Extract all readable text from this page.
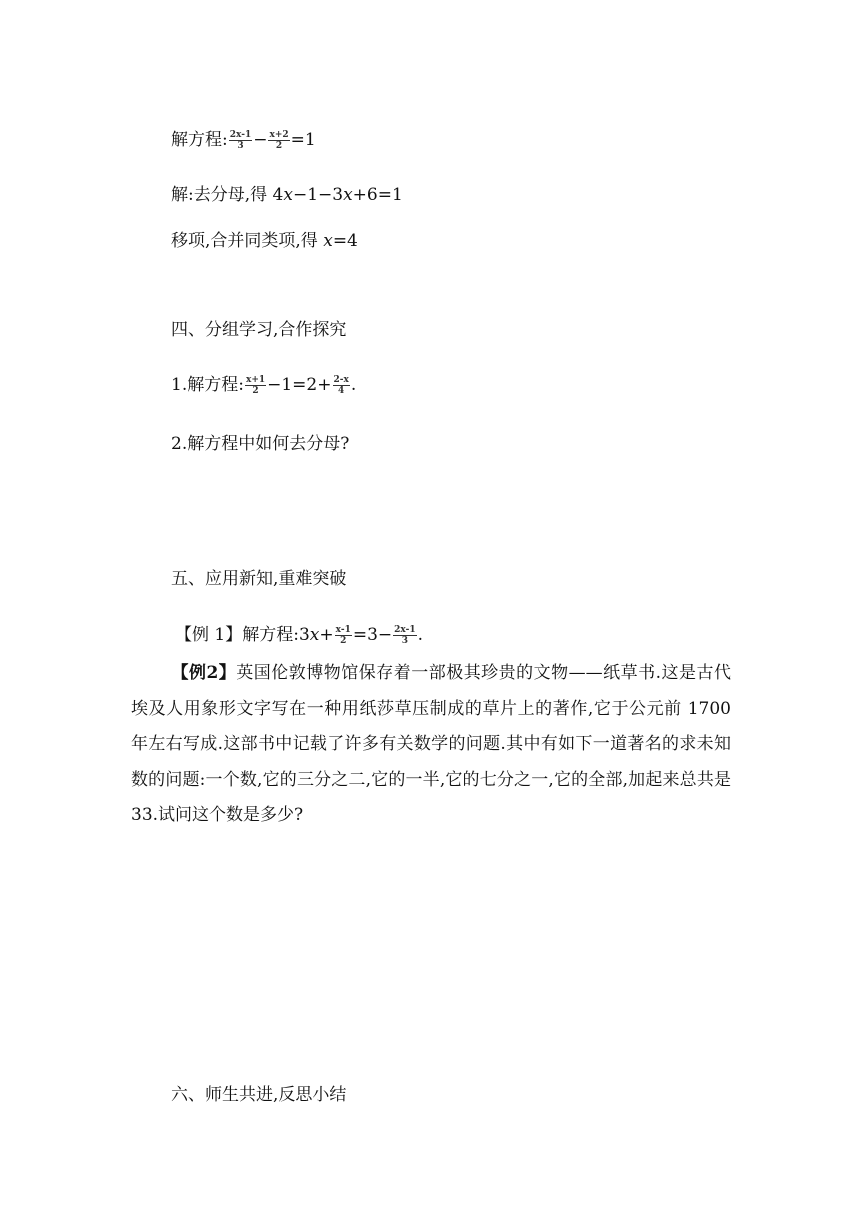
解方程: $\frac{2x-1}{3} - \frac{x+2}{2} =1$
解:去分母,得 4x−1−3x+6=1
移项,合并同类项,得 x=4
四、分组学习,合作探究
1.解方程: $\frac{x+1}{2} -1=2+ \frac{2-x}{4}$ .
2.解方程中如何去分母?
五、应用新知,重难突破
【例 1】解方程:3x+ $\frac{x-1}{2} =3- \frac{2x-1}{3}$ .
【例2】英国伦敦博物馆保存着一部极其珍贵的文物——纸草书.这是古代埃及人用象形文字写在一种用纸莎草压制成的草片上的著作,它于公元前 1700 年左右写成.这部书中记载了许多有关数学的问题.其中有如下一道著名的求未知数的问题:一个数,它的三分之二,它的一半,它的七分之一,它的全部,加起来总共是 33.试问这个数是多少?
六、师生共进,反思小结
